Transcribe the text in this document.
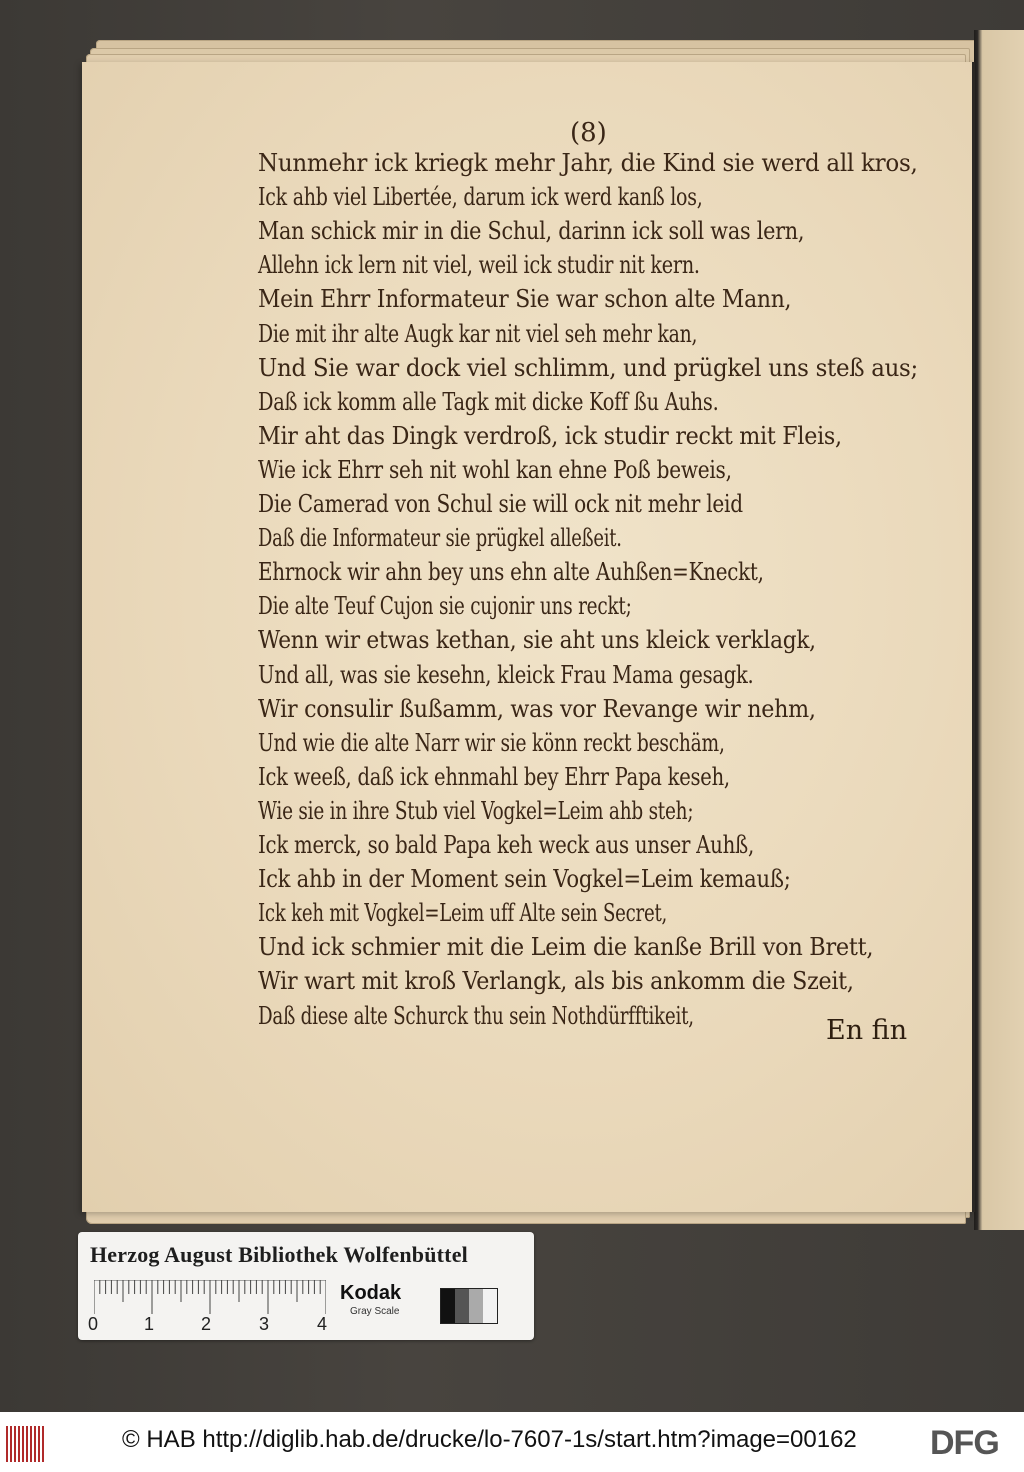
(8)
Nunmehr ick kriegk mehr Jahr, die Kind sie werd all kros,
Ick ahb viel Libertée, darum ick werd kanß los,
Man schick mir in die Schul, darinn ick soll was lern,
Allehn ick lern nit viel, weil ick studir nit kern.
Mein Ehrr Informateur Sie war schon alte Mann,
Die mit ihr alte Augk kar nit viel seh mehr kan,
Und Sie war dock viel schlimm, und prügkel uns steß aus;
Daß ick komm alle Tagk mit dicke Koff ßu Auhs.
Mir aht das Dingk verdroß, ick studir reckt mit Fleis,
Wie ick Ehrr seh nit wohl kan ehne Poß beweis,
Die Camerad von Schul sie will ock nit mehr leid
Daß die Informateur sie prügkel alleßeit.
Ehrnock wir ahn bey uns ehn alte Auhßen=Kneckt,
Die alte Teuf Cujon sie cujonir uns reckt;
Wenn wir etwas kethan, sie aht uns kleick verklagk,
Und all, was sie kesehn, kleick Frau Mama gesagk.
Wir consulir ßußamm, was vor Revange wir nehm,
Und wie die alte Narr wir sie könn reckt beschäm,
Ick weeß, daß ick ehnmahl bey Ehrr Papa keseh,
Wie sie in ihre Stub viel Vogkel=Leim ahb steh;
Ick merck, so bald Papa keh weck aus unser Auhß,
Ick ahb in der Moment sein Vogkel=Leim kemauß;
Ick keh mit Vogkel=Leim uff Alte sein Secret,
Und ick schmier mit die Leim die kanße Brill von Brett,
Wir wart mit kroß Verlangk, als bis ankomm die Szeit,
Daß diese alte Schurck thu sein Nothdürfftikeit,	En fin
Herzog August Bibliothek Wolfenbüttel
0	1	2	3	4
Kodak
Gray Scale
© HAB http://diglib.hab.de/drucke/lo-7607-1s/start.htm?image=00162 DFG
